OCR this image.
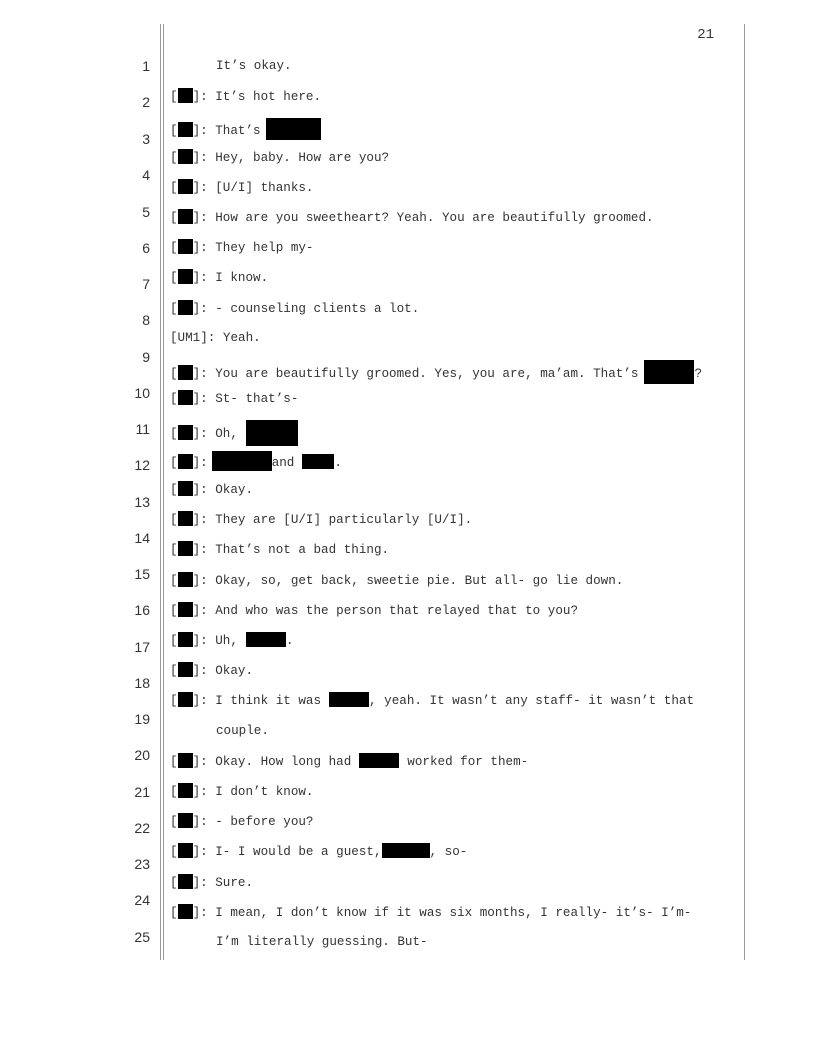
21
1
2
3
4
5
6
7
8
9
10
11
12
13
14
15
16
17
18
19
20
21
22
23
24
25
It’s okay.
[ ]: It’s hot here.
[ ]: That’s
[ ]: Hey, baby. How are you?
[ ]: [U/I] thanks.
[ ]: How are you sweetheart? Yeah. You are beautifully groomed.
[ ]: They help my-
[ ]: I know.
[ ]: - counseling clients a lot.
[UM1]: Yeah.
[ ]: You are beautifully groomed. Yes, you are, ma’am. That’s	?
[ ]: St- that’s-
[ ]: Oh,
[ ]:	and	.
[ ]: Okay.
[ ]: They are [U/I] particularly [U/I].
[ ]: That’s not a bad thing.
[ ]: Okay, so, get back, sweetie pie. But all- go lie down.
[ ]: And who was the person that relayed that to you?
[ ]: Uh,	.
[ ]: Okay.
[ ]: I think it was	, yeah. It wasn’t any staff- it wasn’t that
couple.
[ ]: Okay. How long had	worked for them-
[ ]: I don’t know.
[ ]: - before you?
[ ]: I- I would be a guest,	, so-
[ ]: Sure.
[ ]: I mean, I don’t know if it was six months, I really- it’s- I’m-
I’m literally guessing. But-
